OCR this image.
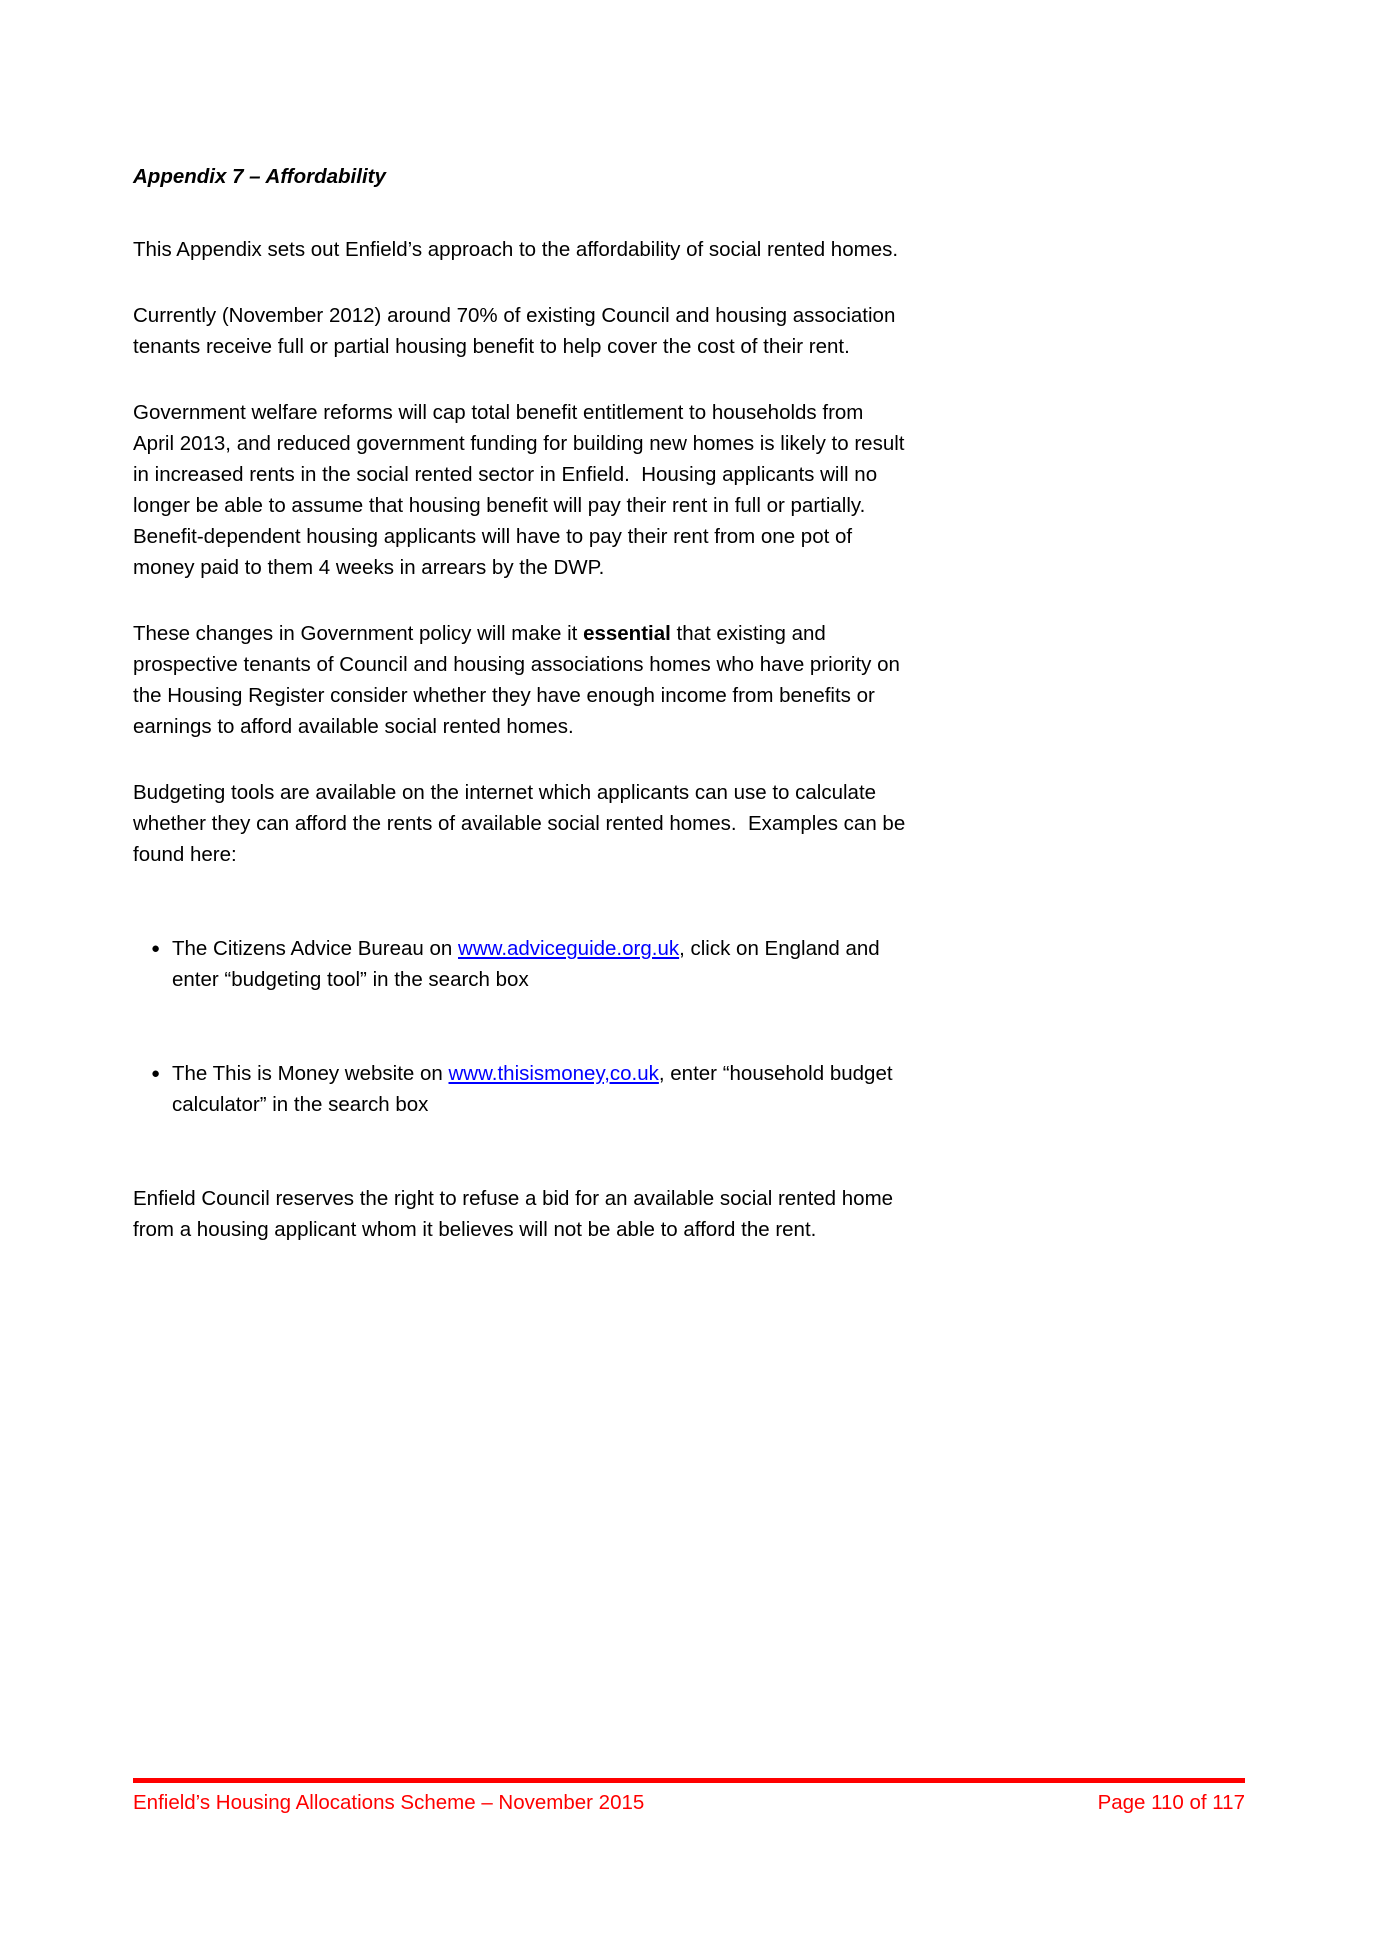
Appendix 7 – Affordability
This Appendix sets out Enfield’s approach to the affordability of social rented homes.
Currently (November 2012) around 70% of existing Council and housing association
tenants receive full or partial housing benefit to help cover the cost of their rent.
Government welfare reforms will cap total benefit entitlement to households from
April 2013, and reduced government funding for building new homes is likely to result
in increased rents in the social rented sector in Enfield.  Housing applicants will no
longer be able to assume that housing benefit will pay their rent in full or partially.
Benefit-dependent housing applicants will have to pay their rent from one pot of
money paid to them 4 weeks in arrears by the DWP.
These changes in Government policy will make it essential that existing and
prospective tenants of Council and housing associations homes who have priority on
the Housing Register consider whether they have enough income from benefits or
earnings to afford available social rented homes.
Budgeting tools are available on the internet which applicants can use to calculate
whether they can afford the rents of available social rented homes.  Examples can be
found here:
● The Citizens Advice Bureau on www.adviceguide.org.uk, click on England and
enter “budgeting tool” in the search box
● The This is Money website on www.thisismoney,co.uk, enter “household budget
calculator” in the search box
Enfield Council reserves the right to refuse a bid for an available social rented home
from a housing applicant whom it believes will not be able to afford the rent.
Enfield’s Housing Allocations Scheme – November 2015	Page 110 of 117
